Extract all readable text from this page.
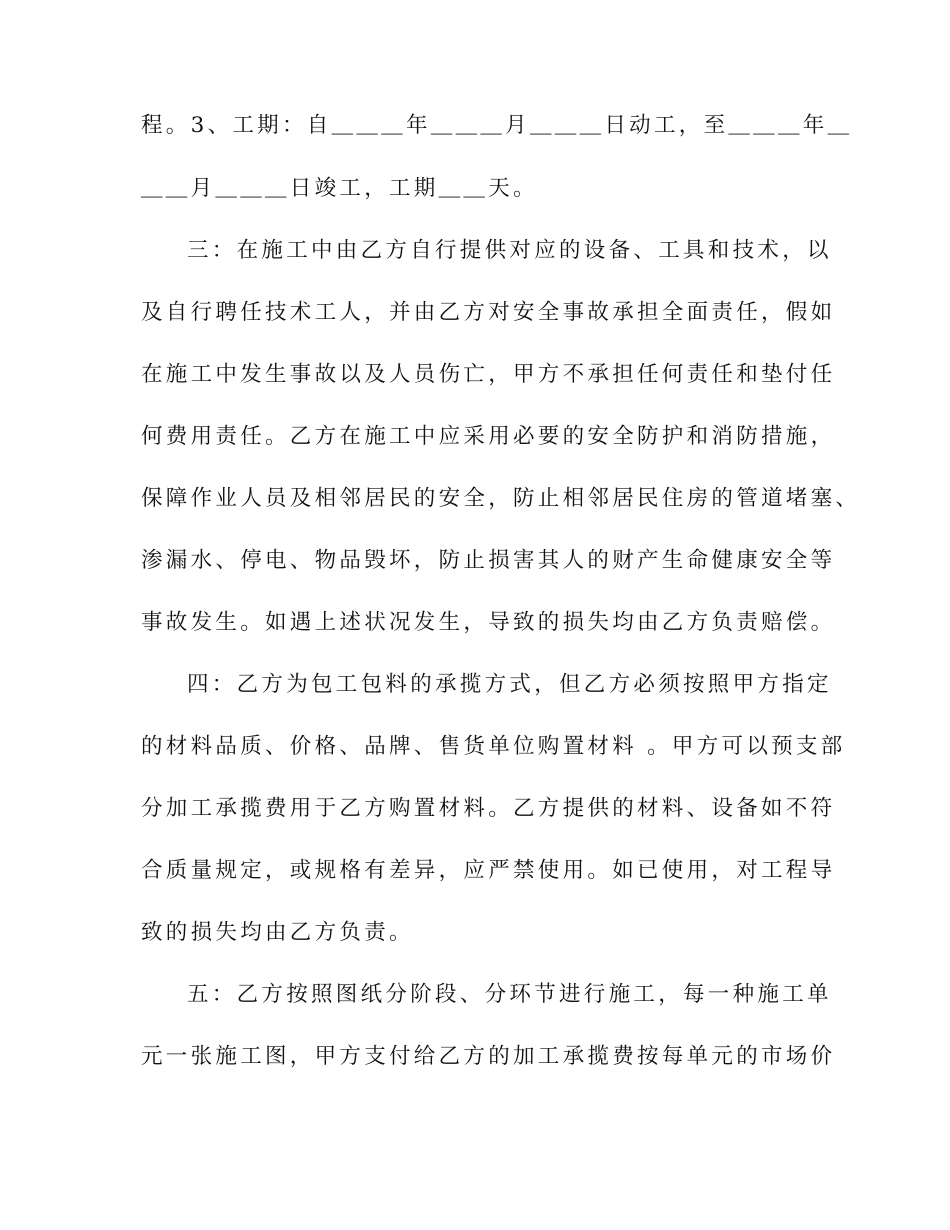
程。3、工期：自＿＿＿年＿＿＿月＿＿＿日动工，至＿＿＿年＿
＿＿月＿＿＿日竣工，工期＿＿天。
三：在施工中由乙方自行提供对应的设备、工具和技术，以
及自行聘任技术工人，并由乙方对安全事故承担全面责任，假如
在施工中发生事故以及人员伤亡，甲方不承担任何责任和垫付任
何费用责任。乙方在施工中应采用必要的安全防护和消防措施，
保障作业人员及相邻居民的安全，防止相邻居民住房的管道堵塞、
渗漏水、停电、物品毁坏，防止损害其人的财产生命健康安全等
事故发生。如遇上述状况发生，导致的损失均由乙方负责赔偿。
四：乙方为包工包料的承揽方式，但乙方必须按照甲方指定
的材料品质、价格、品牌、售货单位购置材料 。甲方可以预支部
分加工承揽费用于乙方购置材料。乙方提供的材料、设备如不符
合质量规定，或规格有差异，应严禁使用。如已使用，对工程导
致的损失均由乙方负责。
五：乙方按照图纸分阶段、分环节进行施工，每一种施工单
元一张施工图，甲方支付给乙方的加工承揽费按每单元的市场价
